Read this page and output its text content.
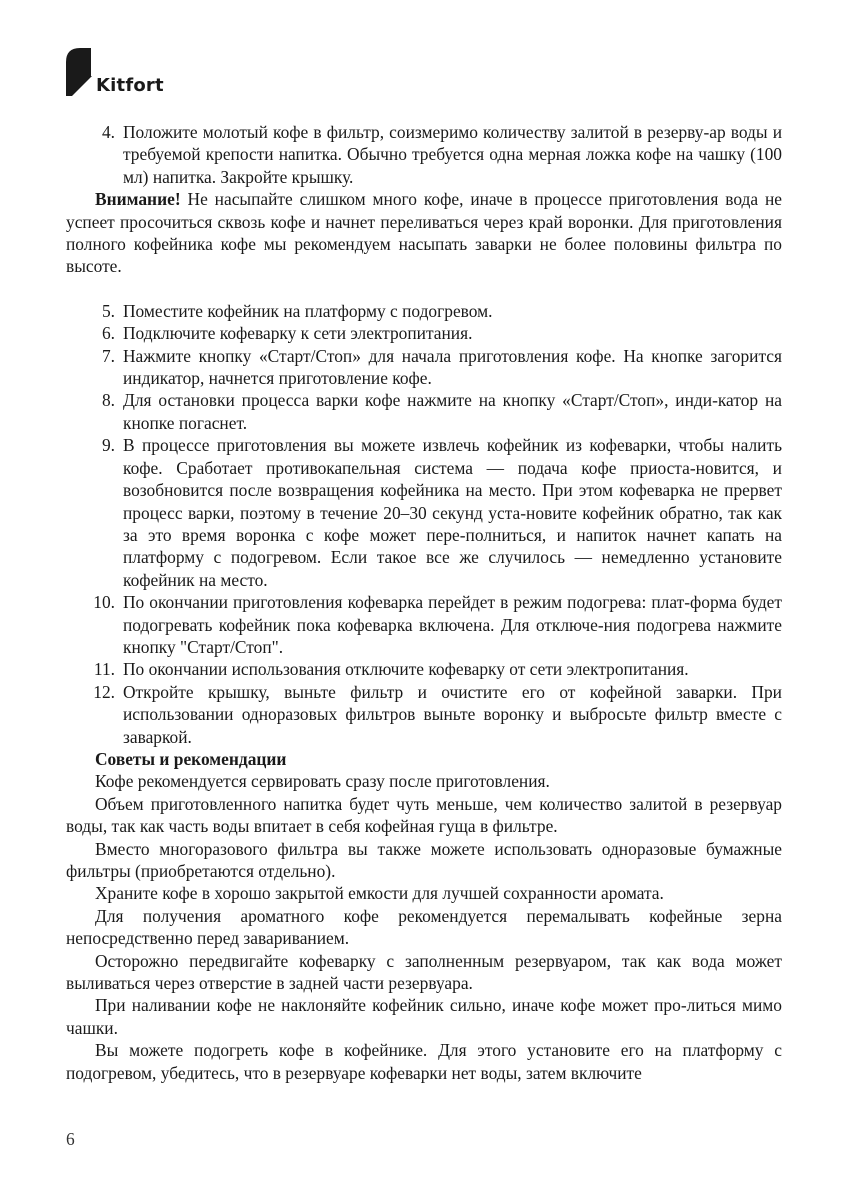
Kitfort
4. Положите молотый кофе в фильтр, соизмеримо количеству залитой в резерву-ар воды и требуемой крепости напитка. Обычно требуется одна мерная ложка кофе на чашку (100 мл) напитка. Закройте крышку.

Внимание! Не насыпайте слишком много кофе, иначе в процессе приготовления вода не успеет просочиться сквозь кофе и начнет переливаться через край воронки. Для приготовления полного кофейника кофе мы рекомендуем насыпать заварки не более половины фильтра по высоте.

5. Поместите кофейник на платформу с подогревом.
6. Подключите кофеварку к сети электропитания.
7. Нажмите кнопку «Старт/Стоп» для начала приготовления кофе. На кнопке загорится индикатор, начнется приготовление кофе.
8. Для остановки процесса варки кофе нажмите на кнопку «Старт/Стоп», инди-катор на кнопке погаснет.
9. В процессе приготовления вы можете извлечь кофейник из кофеварки, чтобы налить кофе. Сработает противокапельная система — подача кофе приоста-новится, и возобновится после возвращения кофейника на место. При этом кофеварка не прервет процесс варки, поэтому в течение 20–30 секунд уста-новите кофейник обратно, так как за это время воронка с кофе может пере-полниться, и напиток начнет капать на платформу с подогревом. Если такое все же случилось — немедленно установите кофейник на место.
10. По окончании приготовления кофеварка перейдет в режим подогрева: плат-форма будет подогревать кофейник пока кофеварка включена. Для отключе-ния подогрева нажмите кнопку "Старт/Стоп".
11. По окончании использования отключите кофеварку от сети электропитания.
12. Откройте крышку, выньте фильтр и очистите его от кофейной заварки. При использовании одноразовых фильтров выньте воронку и выбросьте фильтр вместе с заваркой.
Советы и рекомендации

Кофе рекомендуется сервировать сразу после приготовления.

Объем приготовленного напитка будет чуть меньше, чем количество залитой в резервуар воды, так как часть воды впитает в себя кофейная гуща в фильтре.

Вместо многоразового фильтра вы также можете использовать одноразовые бумажные фильтры (приобретаются отдельно).

Храните кофе в хорошо закрытой емкости для лучшей сохранности аромата.

Для получения ароматного кофе рекомендуется перемалывать кофейные зерна непосредственно перед завариванием.

Осторожно передвигайте кофеварку с заполненным резервуаром, так как вода может выливаться через отверстие в задней части резервуара.

При наливании кофе не наклоняйте кофейник сильно, иначе кофе может про-литься мимо чашки.

Вы можете подогреть кофе в кофейнике. Для этого установите его на платформу с подогревом, убедитесь, что в резервуаре кофеварки нет воды, затем включите

6
